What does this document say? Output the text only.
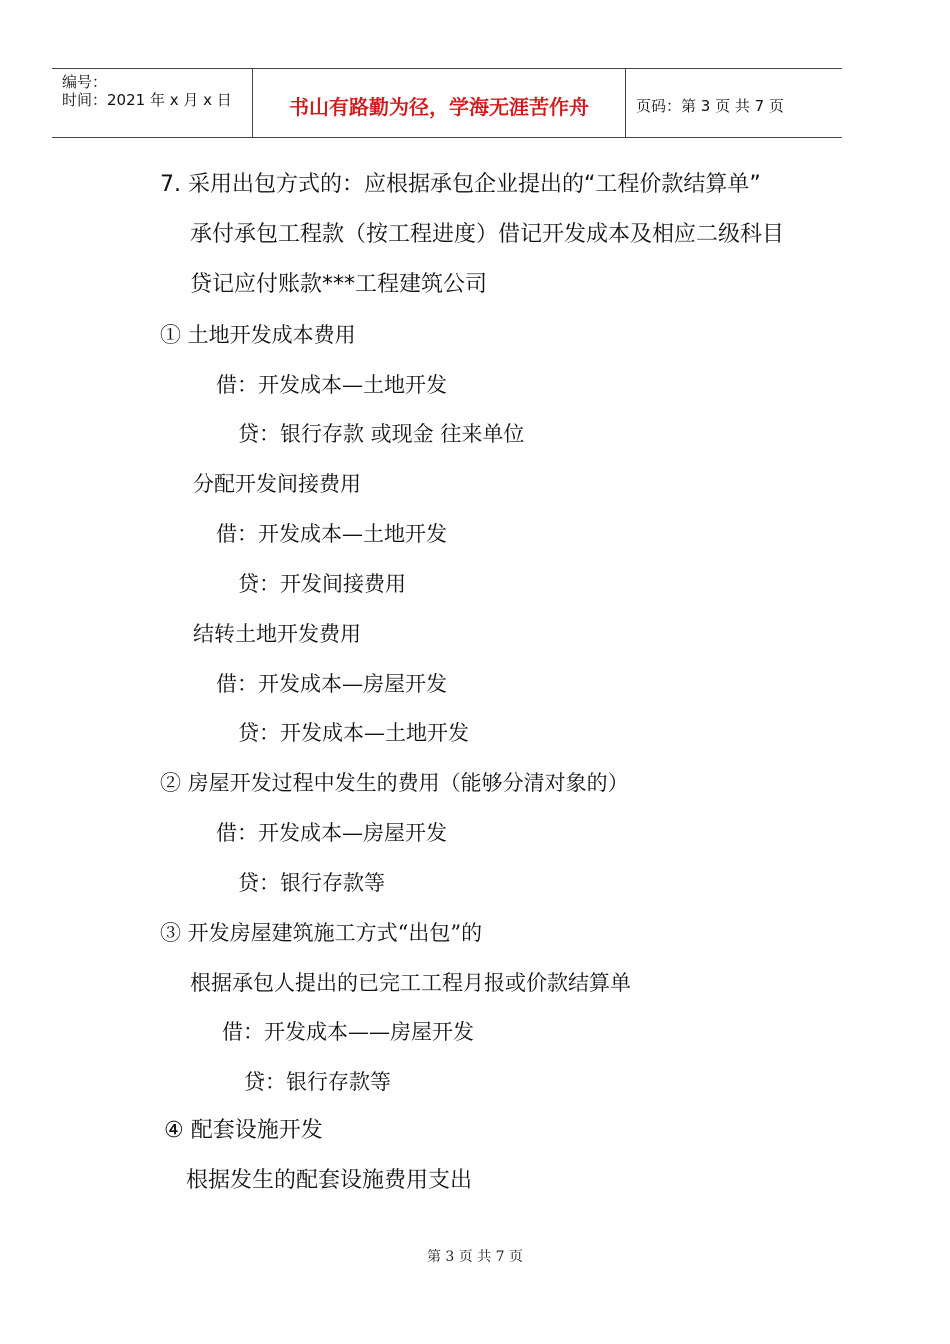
编号：
时间：2021 年 x 月 x 日	书山有路勤为径，学海无涯苦作舟	页码：第 3 页 共 7 页
7. 采用出包方式的：应根据承包企业提出的“工程价款结算单”
承付承包工程款（按工程进度）借记开发成本及相应二级科目
贷记应付账款***工程建筑公司
① 土地开发成本费用
借：开发成本—土地开发
贷：银行存款 或现金 往来单位
分配开发间接费用
借：开发成本—土地开发
贷：开发间接费用
结转土地开发费用
借：开发成本—房屋开发
贷：开发成本—土地开发
② 房屋开发过程中发生的费用（能够分清对象的）
借：开发成本—房屋开发
贷：银行存款等
③ 开发房屋建筑施工方式“出包”的
根据承包人提出的已完工工程月报或价款结算单
借：开发成本——房屋开发
贷：银行存款等
④ 配套设施开发
根据发生的配套设施费用支出
第 3 页 共 7 页
